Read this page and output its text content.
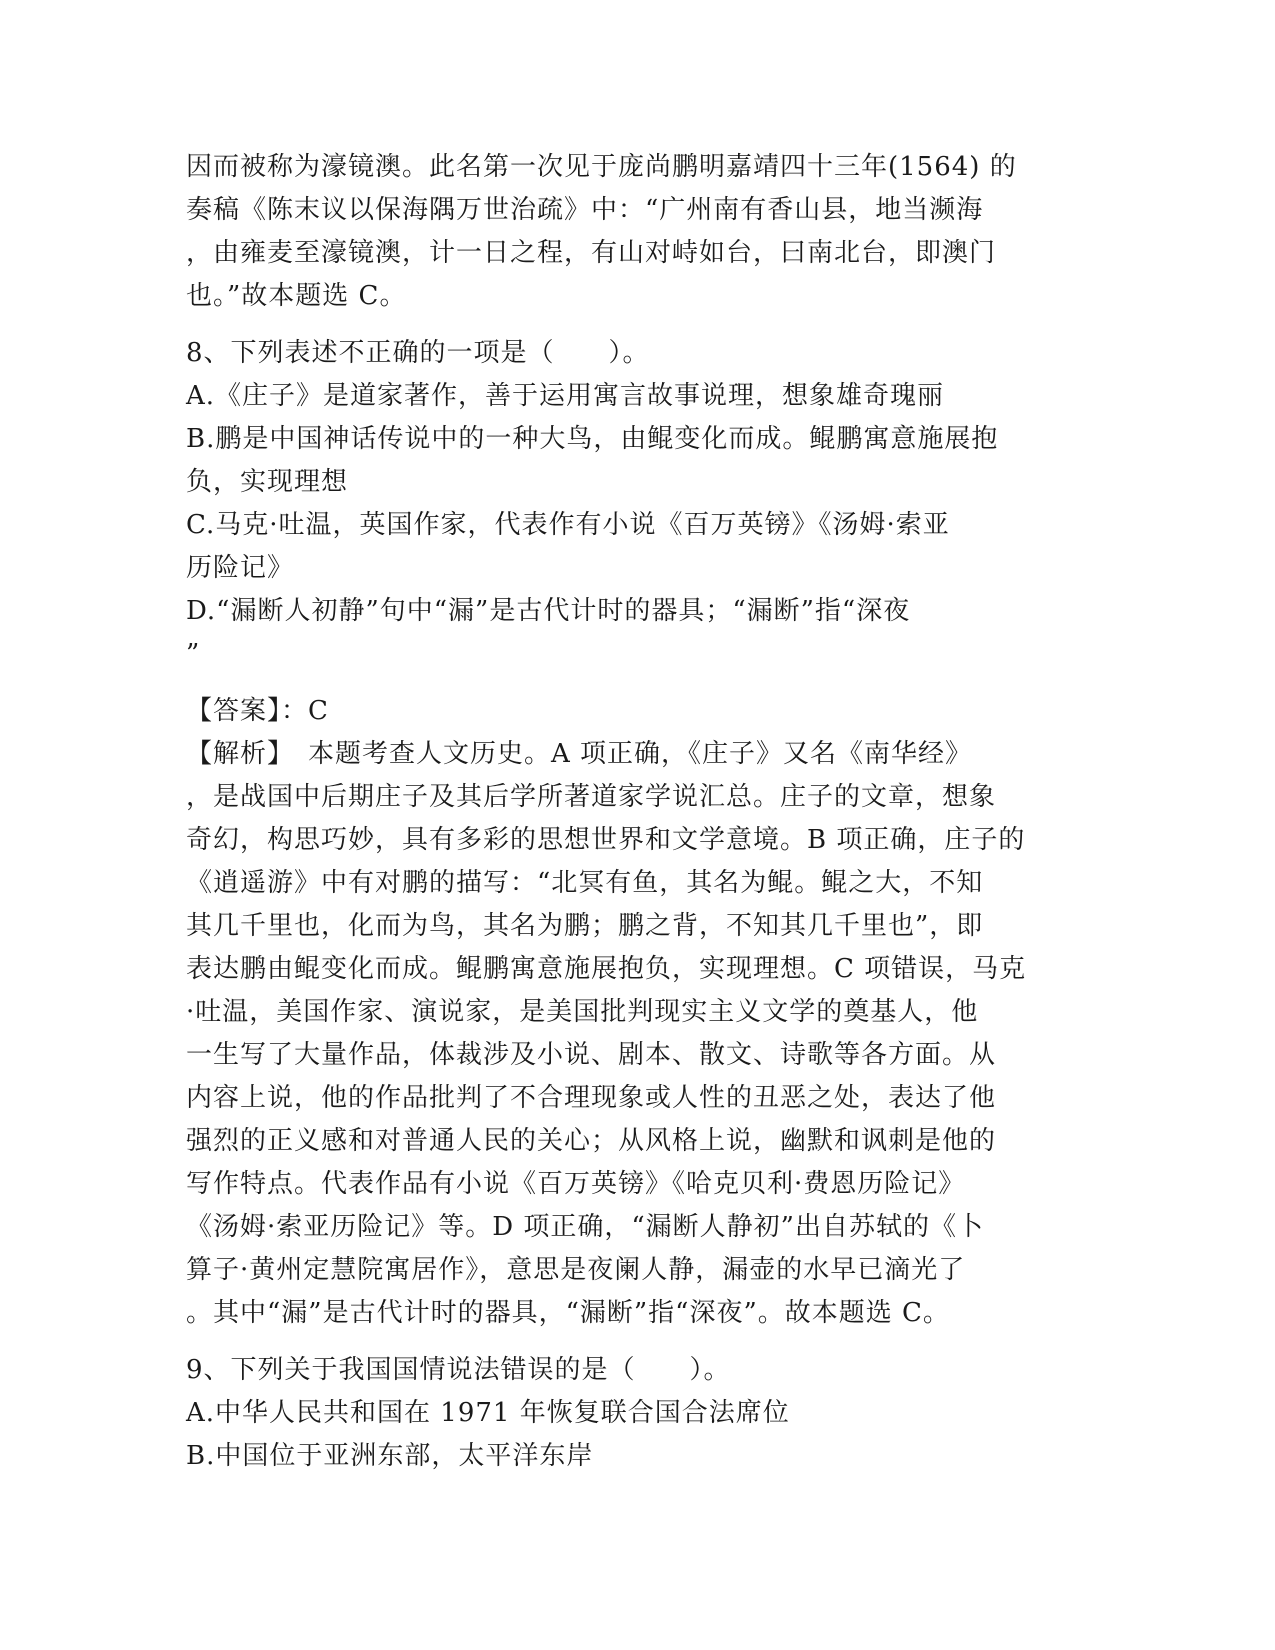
因而被称为濠镜澳。此名第一次见于庞尚鹏明嘉靖四十三年(1564) 的

奏稿《陈末议以保海隅万世治疏》中：“广州南有香山县，地当濒海

，由雍麦至濠镜澳，计一日之程，有山对峙如台，曰南北台，即澳门

也。”故本题选 C。

8、下列表述不正确的一项是（　　）。

A.《庄子》是道家著作，善于运用寓言故事说理，想象雄奇瑰丽

B.鹏是中国神话传说中的一种大鸟，由鲲变化而成。鲲鹏寓意施展抱

负，实现理想

C.马克·吐温，英国作家，代表作有小说《百万英镑》《汤姆·索亚

历险记》

D.“漏断人初静”句中“漏”是古代计时的器具；“漏断”指“深夜

”

【答案】：C

【解析】　本题考查人文历史。A 项正确，《庄子》又名《南华经》

，是战国中后期庄子及其后学所著道家学说汇总。庄子的文章，想象

奇幻，构思巧妙，具有多彩的思想世界和文学意境。B 项正确，庄子的

《逍遥游》中有对鹏的描写：“北冥有鱼，其名为鲲。鲲之大，不知

其几千里也，化而为鸟，其名为鹏；鹏之背，不知其几千里也”，即

表达鹏由鲲变化而成。鲲鹏寓意施展抱负，实现理想。C 项错误，马克

·吐温，美国作家、演说家，是美国批判现实主义文学的奠基人，他

一生写了大量作品，体裁涉及小说、剧本、散文、诗歌等各方面。从

内容上说，他的作品批判了不合理现象或人性的丑恶之处，表达了他

强烈的正义感和对普通人民的关心；从风格上说，幽默和讽刺是他的

写作特点。代表作品有小说《百万英镑》《哈克贝利·费恩历险记》

《汤姆·索亚历险记》等。D 项正确，“漏断人静初”出自苏轼的《卜

算子·黄州定慧院寓居作》，意思是夜阑人静，漏壶的水早已滴光了

。其中“漏”是古代计时的器具，“漏断”指“深夜”。故本题选 C。

9、下列关于我国国情说法错误的是（　　）。

A.中华人民共和国在 1971 年恢复联合国合法席位

B.中国位于亚洲东部，太平洋东岸
